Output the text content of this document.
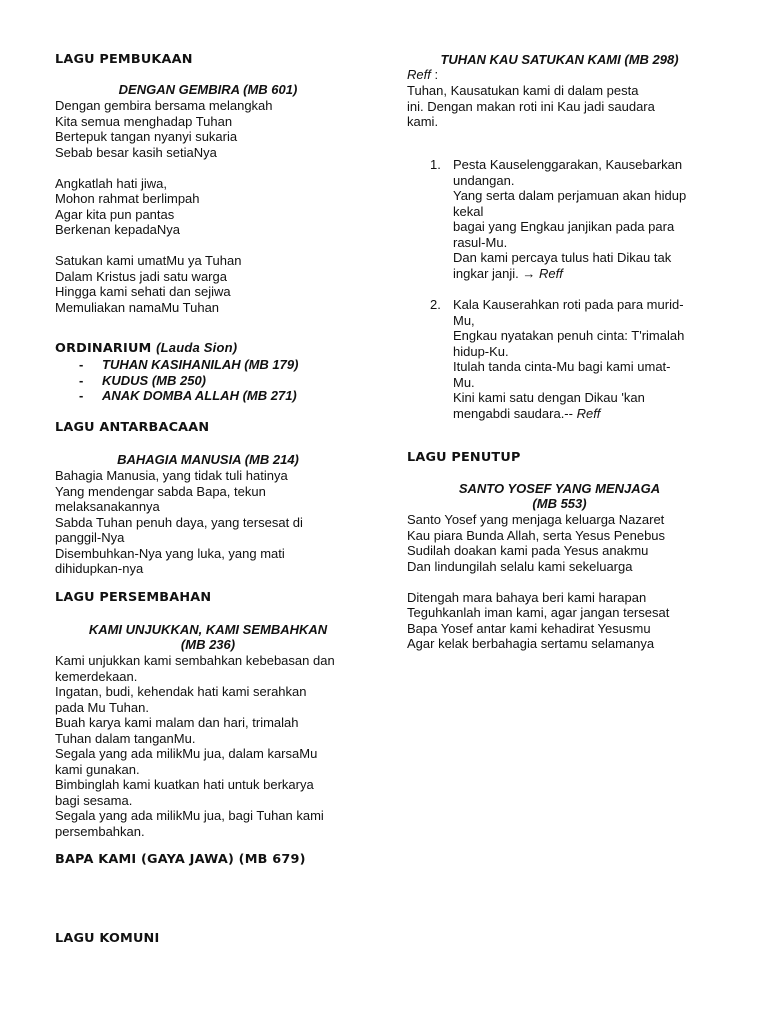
LAGU PEMBUKAAN
DENGAN GEMBIRA (MB 601)
Dengan gembira bersama melangkah
Kita semua menghadap Tuhan
Bertepuk tangan nyanyi sukaria
Sebab besar kasih setiaNya

Angkatlah hati jiwa,
Mohon rahmat berlimpah
Agar kita pun pantas
Berkenan kepadaNya

Satukan kami umatMu ya Tuhan
Dalam Kristus jadi satu warga
Hingga kami sehati dan sejiwa
Memuliakan namaMu Tuhan
ORDINARIUM (Lauda Sion)
- TUHAN KASIHANILAH (MB 179)
- KUDUS (MB 250)
- ANAK DOMBA ALLAH (MB 271)
LAGU ANTARBACAAN
BAHAGIA MANUSIA (MB 214)
Bahagia Manusia, yang tidak tuli hatinya
Yang mendengar sabda Bapa, tekun
melaksanakannya
Sabda Tuhan penuh daya, yang tersesat di
panggil-Nya
Disembuhkan-Nya yang luka, yang mati
dihidupkan-nya
LAGU PERSEMBAHAN
KAMI UNJUKKAN, KAMI SEMBAHKAN
(MB 236)
Kami unjukkan kami sembahkan kebebasan dan
kemerdekaan.
Ingatan, budi, kehendak hati kami serahkan
pada Mu Tuhan.
Buah karya kami malam dan hari, trimalah
Tuhan dalam tanganMu.
Segala yang ada milikMu jua, dalam karsaMu
kami gunakan.
Bimbinglah kami kuatkan hati untuk berkarya
bagi sesama.
Segala yang ada milikMu jua, bagi Tuhan kami
persembahkan.
BAPA KAMI (GAYA JAWA) (MB 679)
LAGU KOMUNI
TUHAN KAU SATUKAN KAMI (MB 298)
Reff :
Tuhan, Kausatukan kami di dalam pesta
ini. Dengan makan roti ini Kau jadi saudara
kami.
1. Pesta Kauselenggarakan, Kausebarkan
undangan.
Yang serta dalam perjamuan akan hidup
kekal
bagai yang Engkau janjikan pada para
rasul-Mu.
Dan kami percaya tulus hati Dikau tak
ingkar janji. → Reff
2. Kala Kauserahkan roti pada para murid-
Mu,
Engkau nyatakan penuh cinta: T'rimalah
hidup-Ku.
Itulah tanda cinta-Mu bagi kami umat-
Mu.
Kini kami satu dengan Dikau 'kan
mengabdi saudara.-- Reff
LAGU PENUTUP
SANTO YOSEF YANG MENJAGA
(MB 553)
Santo Yosef yang menjaga keluarga Nazaret
Kau piara Bunda Allah, serta Yesus Penebus
Sudilah doakan kami pada Yesus anakmu
Dan lindungilah selalu kami sekeluarga

Ditengah mara bahaya beri kami harapan
Teguhkanlah iman kami, agar jangan tersesat
Bapa Yosef antar kami kehadirat Yesusmu
Agar kelak berbahagia sertamu selamanya
